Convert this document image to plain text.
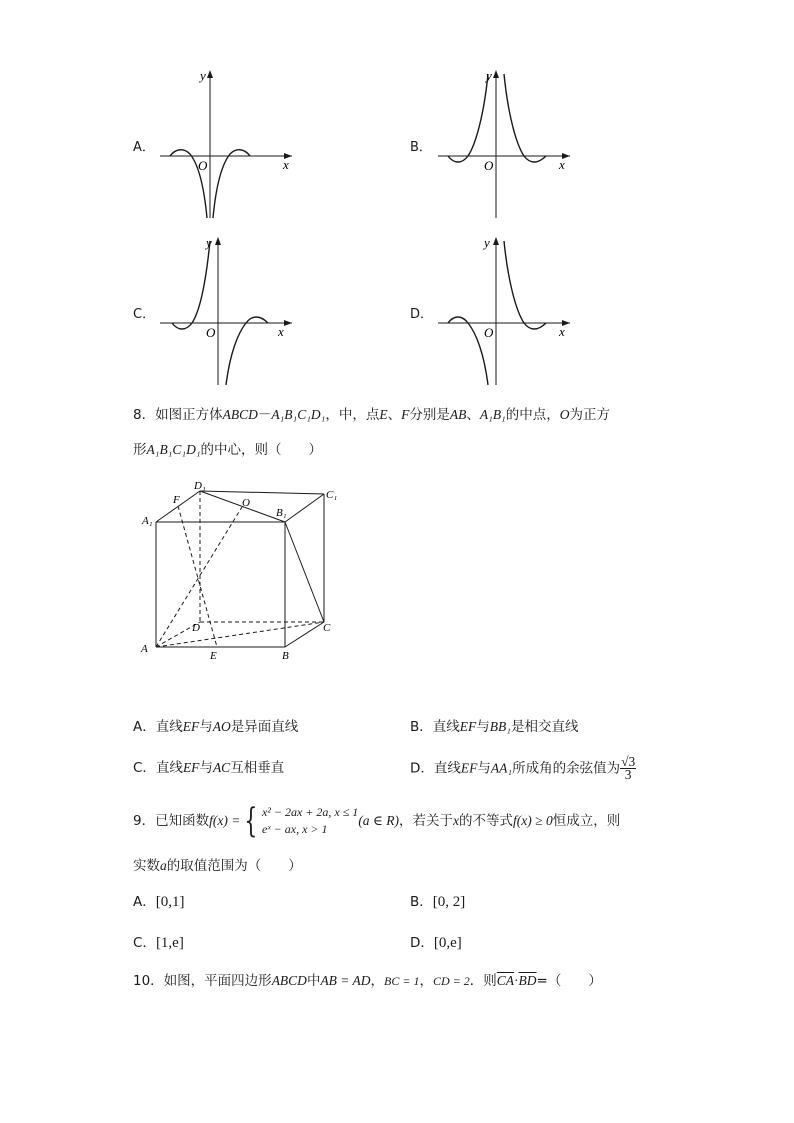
A．
x
y
O
B．
x
y
O
C．
x
y
O
D．
x
y
O
8．如图正方体ABCD－A₁B₁C₁D₁，中，点E、F分别是AB、A₁B₁的中点，O为正方
形A₁B₁C₁D₁的中心，则（　　）
A
B
C
D
E
F	O
A₁
B₁
C₁
D₁
A．直线EF与AO是异面直线	B．直线EF与BB₁是相交直线
C．直线EF与AC互相垂直	D．直线EF与AA₁所成角的余弦值为 $\frac{√3}{3}$
9．已知函数f(x) = { x² − 2ax + 2a, x ≤ 1
eˣ − ax, x > 1
(a ∈ R)，若关于x的不等式f(x) ≥ 0恒成立，则
实数a的取值范围为（　　）
A．[0,1]	B．[0, 2]
C．[1,e]	D．[0,e]
10．如图，平面四边形ABCD中AB = AD，BC = 1，CD = 2．则$\overline{CA}\cdot\overline{BD}=$（　　）
